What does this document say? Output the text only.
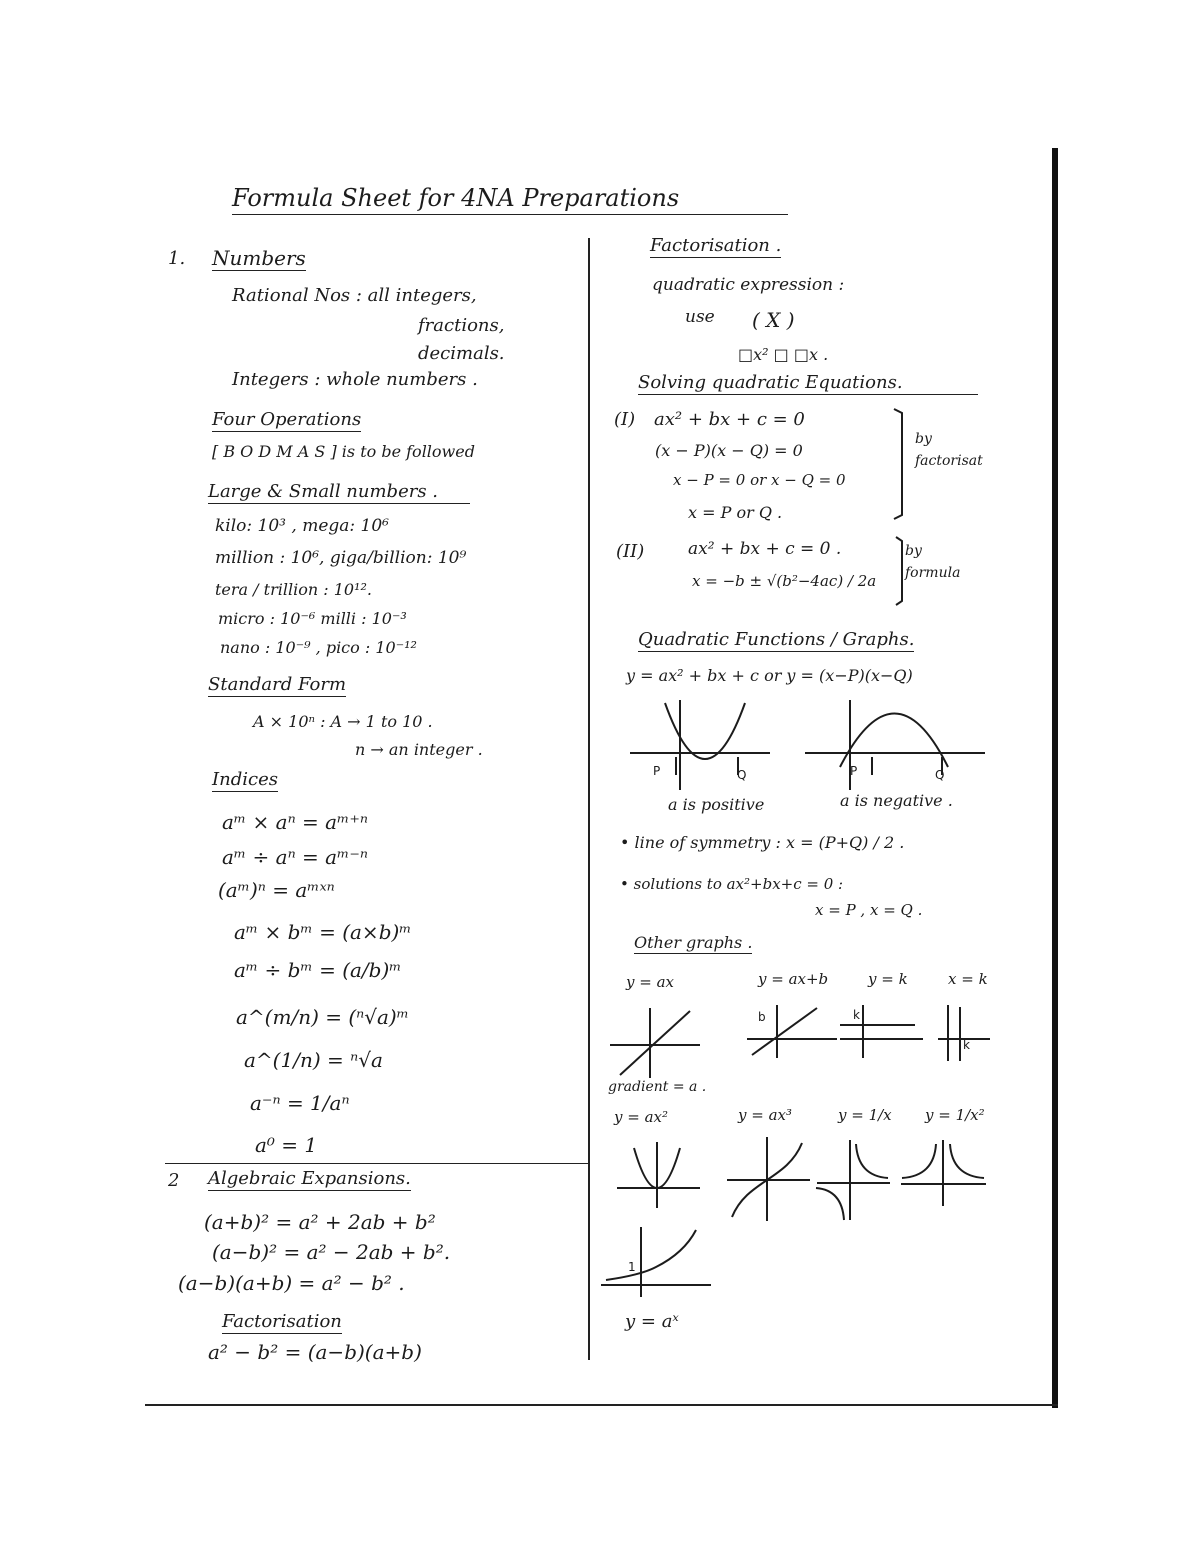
Formula Sheet for 4NA Preparations
1. Numbers
Rational Nos : all integers,
fractions,
decimals.
Integers : whole numbers .
Four Operations
[ B O D M A S ] is to be followed
Large & Small numbers .
kilo: 10³ , mega: 10⁶
million : 10⁶, giga/billion: 10⁹
tera / trillion : 10¹².
micro : 10⁻⁶ milli : 10⁻³
nano : 10⁻⁹ , pico : 10⁻¹²
Standard Form
A × 10ⁿ : A → 1 to 10 .
n → an integer .
Indices
aᵐ × aⁿ = aᵐ⁺ⁿ
aᵐ ÷ aⁿ = aᵐ⁻ⁿ
(aᵐ)ⁿ = aᵐˣⁿ
aᵐ × bᵐ = (a×b)ᵐ
aᵐ ÷ bᵐ = (a/b)ᵐ
a^(m/n) = (ⁿ√a)ᵐ
a^(1/n) = ⁿ√a
a⁻ⁿ = 1/aⁿ
a⁰ = 1
2 Algebraic Expansions.
(a+b)² = a² + 2ab + b²
(a−b)² = a² − 2ab + b².
(a−b)(a+b) = a² − b² .
Factorisation
a² − b² = (a−b)(a+b)
Factorisation .
quadratic expression :
use ( X )
□x² □ □x .
Solving quadratic Equations.
(I) ax² + bx + c = 0
(x − P)(x − Q) = 0
x − P = 0 or x − Q = 0
x = P or Q .
by factorisat
(II)	ax² + bx + c = 0 .
x = −b ± √(b²−4ac) / 2a
by formula
Quadratic Functions / Graphs.
y = ax² + bx + c or y = (x−P)(x−Q)
P	Q	P	Q
a is positive	a is negative .
• line of symmetry : x = (P+Q) / 2 .
• solutions to ax²+bx+c = 0 :
x = P , x = Q .
Other graphs .
y = ax	y = ax+b	y = k	x = k
b	k
k
gradient = a .
y = ax²	y = ax³	y = 1/x y = 1/x²
1
y = aˣ
